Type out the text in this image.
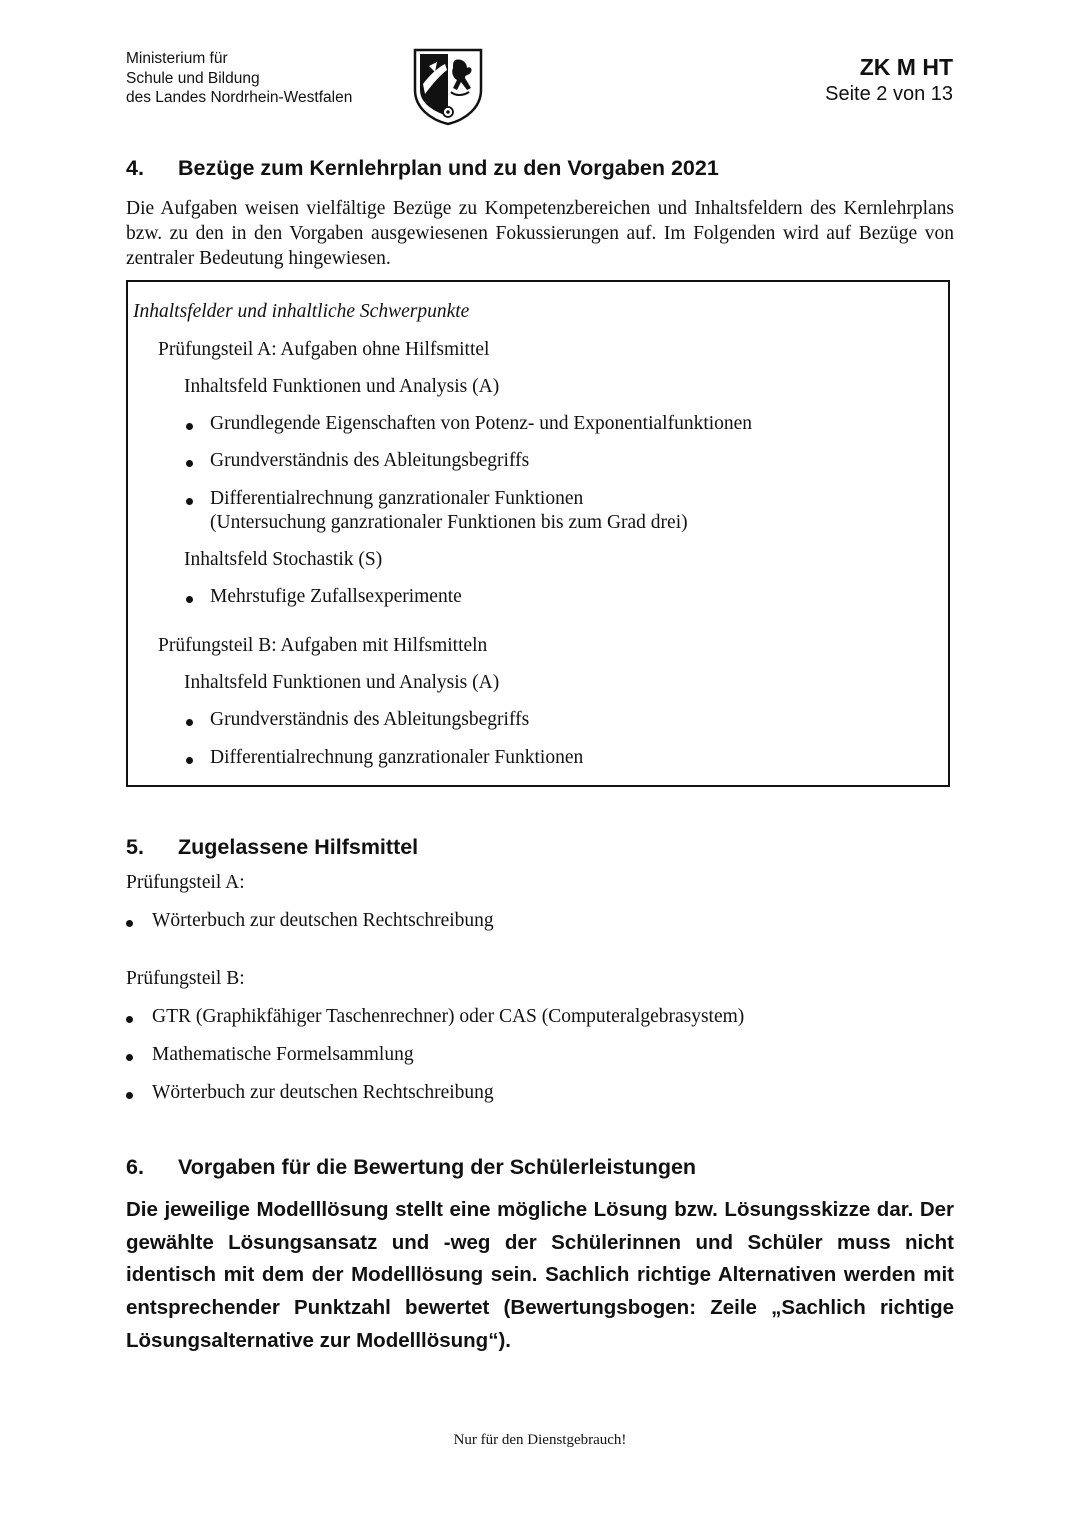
Ministerium für
Schule und Bildung
des Landes Nordrhein-Westfalen
ZK M HT
Seite 2 von 13
4. Bezüge zum Kernlehrplan und zu den Vorgaben 2021
Die Aufgaben weisen vielfältige Bezüge zu Kompetenzbereichen und Inhaltsfeldern des Kernlehrplans bzw. zu den in den Vorgaben ausgewiesenen Fokussierungen auf. Im Folgenden wird auf Bezüge von zentraler Bedeutung hingewiesen.
Inhaltsfelder und inhaltliche Schwerpunkte
Prüfungsteil A: Aufgaben ohne Hilfsmittel
Inhaltsfeld Funktionen und Analysis (A)
Grundlegende Eigenschaften von Potenz- und Exponentialfunktionen
Grundverständnis des Ableitungsbegriffs
Differentialrechnung ganzrationaler Funktionen
(Untersuchung ganzrationaler Funktionen bis zum Grad drei)
Inhaltsfeld Stochastik (S)
Mehrstufige Zufallsexperimente
Prüfungsteil B: Aufgaben mit Hilfsmitteln
Inhaltsfeld Funktionen und Analysis (A)
Grundverständnis des Ableitungsbegriffs
Differentialrechnung ganzrationaler Funktionen
5. Zugelassene Hilfsmittel
Prüfungsteil A:
Wörterbuch zur deutschen Rechtschreibung
Prüfungsteil B:
GTR (Graphikfähiger Taschenrechner) oder CAS (Computeralgebrasystem)
Mathematische Formelsammlung
Wörterbuch zur deutschen Rechtschreibung
6. Vorgaben für die Bewertung der Schülerleistungen
Die jeweilige Modelllösung stellt eine mögliche Lösung bzw. Lösungsskizze dar. Der gewählte Lösungsansatz und -weg der Schülerinnen und Schüler muss nicht identisch mit dem der Modelllösung sein. Sachlich richtige Alternativen werden mit entsprechender Punktzahl bewertet (Bewertungsbogen: Zeile „Sachlich richtige Lösungsalternative zur Modelllösung“).
Nur für den Dienstgebrauch!
